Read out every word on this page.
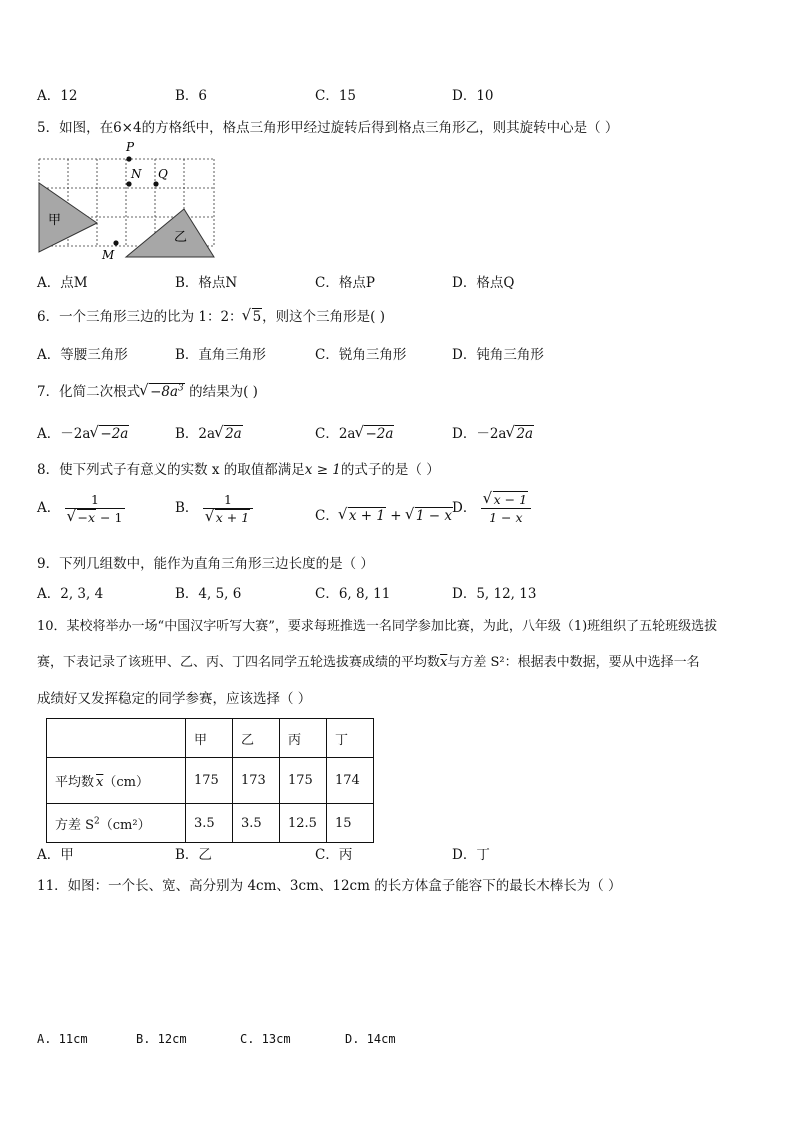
A．12	B．6	C．15	D．10
5．如图，在6×4的方格纸中，格点三角形甲经过旋转后得到格点三角形乙，则其旋转中心是（ ）
P
N Q
M
甲
乙
A．点M	B．格点N	C．格点P	D．格点Q
6．一个三角形三边的比为 1：2： √ 5，则这个三角形是( )
A．等腰三角形	B．直角三角形	C．锐角三角形	D．钝角三角形
7．化简二次根式 √ $-8a^3$ 的结果为( )
A．－2a √ −2a	B．2a √ 2a	C．2a √ −2a	D．－2a √ 2a
8．使下列式子有意义的实数 x 的取值都满足x ≥ 1的式子的是（ ）
A． 1
√ −x − 1	B． 1
√ x + 1	C． √ x + 1 + √ 1 − x D． √ $\frac{x - 1}{1 - x}$
9．下列几组数中，能作为直角三角形三边长度的是（ ）
A．2, 3, 4	B．4, 5, 6	C．6, 8, 11	D．5, 12, 13
10．某校将举办一场“中国汉字听写大赛”，要求每班推选一名同学参加比赛，为此，八年级（1)班组织了五轮班级选拔
赛，下表记录了该班甲、乙、丙、丁四名同学五轮选拔赛成绩的平均数$\overline{x}$与方差 S²：根据表中数据，要从中选择一名
成绩好又发挥稳定的同学参赛，应该选择（ ）
	甲	乙	丙	丁
平均数 $\overline{x}(cm)$	175	173	175	174
方差 $S^2(cm^2)$	3.5	3.5	12.5	15
A．甲	B．乙	C．丙	D．丁
11．如图：一个长、宽、高分别为 4cm、3cm、12cm 的长方体盒子能容下的最长木棒长为（ ）
A. 11cm	B. 12cm	C. 13cm	D. 14cm
